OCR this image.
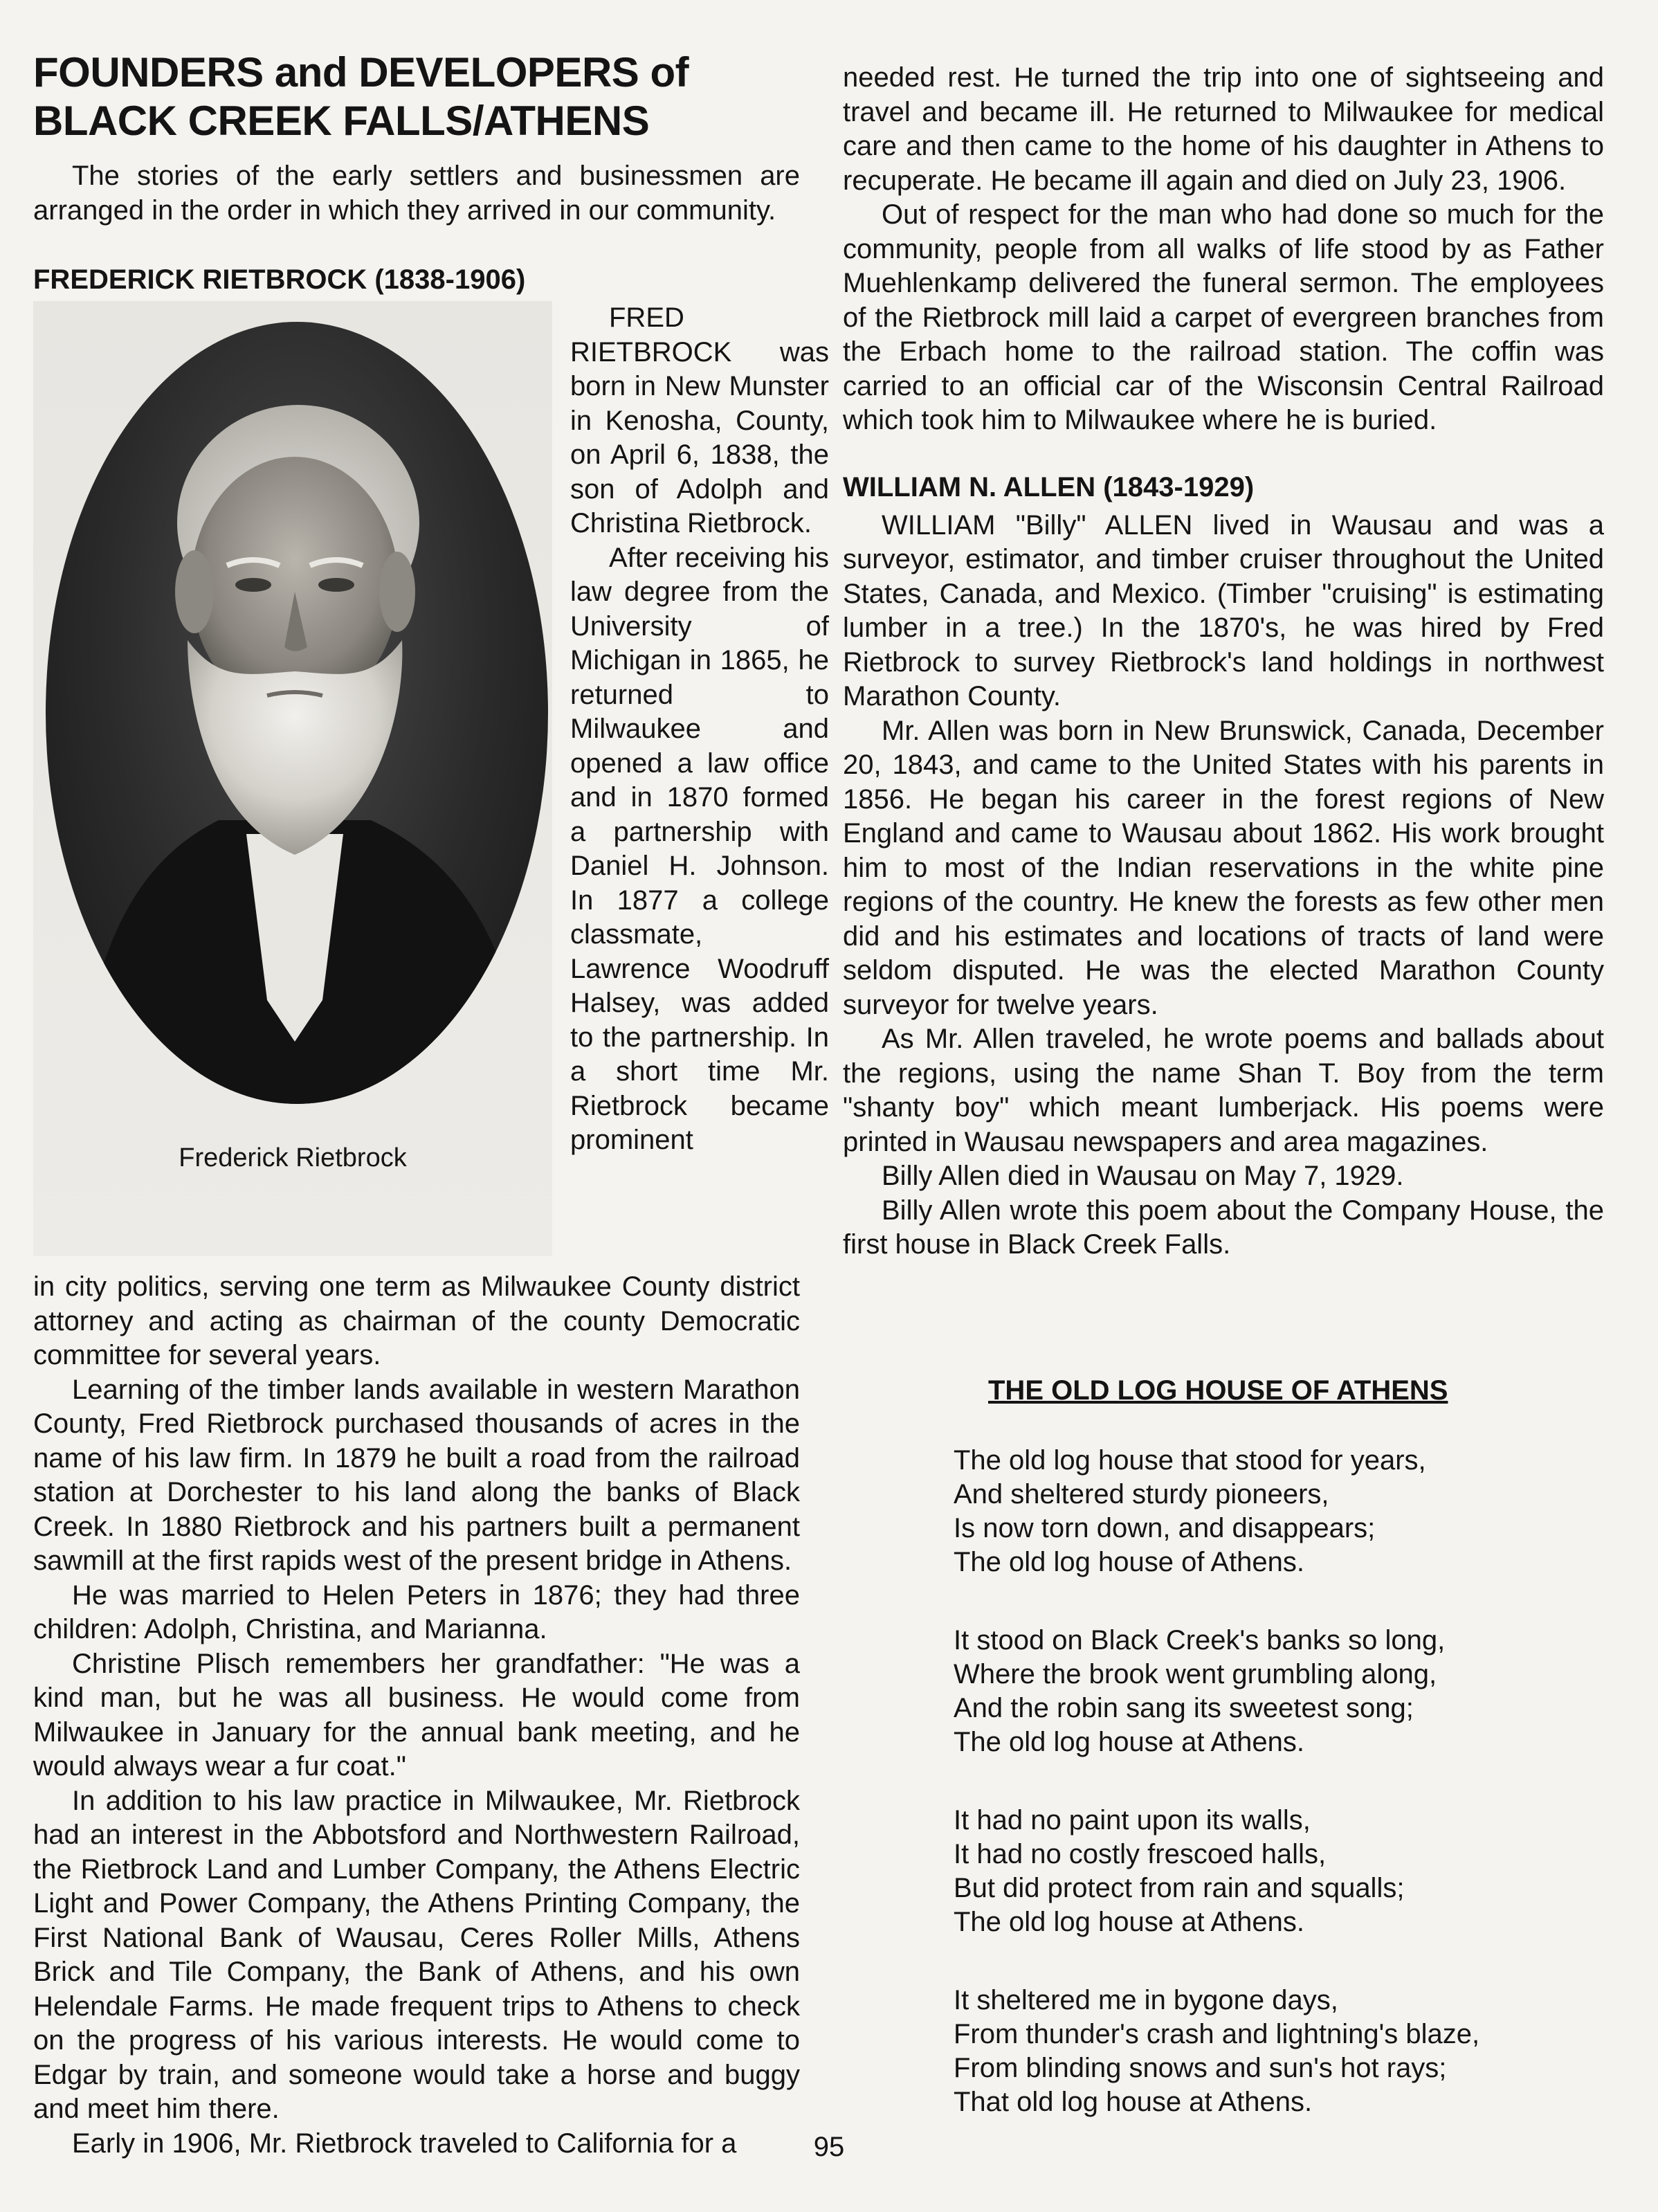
FOUNDERS and DEVELOPERS of
BLACK CREEK FALLS/ATHENS

The stories of the early settlers and businessmen are arranged in the order in which they arrived in our community.

FREDERICK RIETBROCK (1838-1906)
Frederick Rietbrock

FRED RIETBROCK was born in New Munster in Kenosha, County, on April 6, 1838, the son of Adolph and Christina Rietbrock.

After receiving his law degree from the University of Michigan in 1865, he returned to Milwaukee and opened a law office and in 1870 formed a partnership with Daniel H. Johnson. In 1877 a college classmate, Lawrence Woodruff Halsey, was added to the partnership. In a short time Mr. Rietbrock became prominent

in city politics, serving one term as Milwaukee County district attorney and acting as chairman of the county Democratic committee for several years.

Learning of the timber lands available in western Marathon County, Fred Rietbrock purchased thousands of acres in the name of his law firm. In 1879 he built a road from the railroad station at Dorchester to his land along the banks of Black Creek. In 1880 Rietbrock and his partners built a permanent sawmill at the first rapids west of the present bridge in Athens.

He was married to Helen Peters in 1876; they had three children: Adolph, Christina, and Marianna.

Christine Plisch remembers her grandfather: "He was a kind man, but he was all business. He would come from Milwaukee in January for the annual bank meeting, and he would always wear a fur coat."

In addition to his law practice in Milwaukee, Mr. Rietbrock had an interest in the Abbotsford and Northwestern Railroad, the Rietbrock Land and Lumber Company, the Athens Electric Light and Power Company, the Athens Printing Company, the First National Bank of Wausau, Ceres Roller Mills, Athens Brick and Tile Company, the Bank of Athens, and his own Helendale Farms. He made frequent trips to Athens to check on the progress of his various interests. He would come to Edgar by train, and someone would take a horse and buggy and meet him there.

Early in 1906, Mr. Rietbrock traveled to California for a

needed rest. He turned the trip into one of sightseeing and travel and became ill. He returned to Milwaukee for medical care and then came to the home of his daughter in Athens to recuperate. He became ill again and died on July 23, 1906.

Out of respect for the man who had done so much for the community, people from all walks of life stood by as Father Muehlenkamp delivered the funeral sermon. The employees of the Rietbrock mill laid a carpet of evergreen branches from the Erbach home to the railroad station. The coffin was carried to an official car of the Wisconsin Central Railroad which took him to Milwaukee where he is buried.

WILLIAM N. ALLEN (1843-1929)

WILLIAM "Billy" ALLEN lived in Wausau and was a surveyor, estimator, and timber cruiser throughout the United States, Canada, and Mexico. (Timber "cruising" is estimating lumber in a tree.) In the 1870's, he was hired by Fred Rietbrock to survey Rietbrock's land holdings in northwest Marathon County.

Mr. Allen was born in New Brunswick, Canada, December 20, 1843, and came to the United States with his parents in 1856. He began his career in the forest regions of New England and came to Wausau about 1862. His work brought him to most of the Indian reservations in the white pine regions of the country. He knew the forests as few other men did and his estimates and locations of tracts of land were seldom disputed. He was the elected Marathon County surveyor for twelve years.

As Mr. Allen traveled, he wrote poems and ballads about the regions, using the name Shan T. Boy from the term "shanty boy" which meant lumberjack. His poems were printed in Wausau newspapers and area magazines.

Billy Allen died in Wausau on May 7, 1929.

Billy Allen wrote this poem about the Company House, the first house in Black Creek Falls.

THE OLD LOG HOUSE OF ATHENS
The old log house that stood for years,
And sheltered sturdy pioneers,
Is now torn down, and disappears;
The old log house of Athens.
It stood on Black Creek's banks so long,
Where the brook went grumbling along,
And the robin sang its sweetest song;
The old log house at Athens.
It had no paint upon its walls,
It had no costly frescoed halls,
But did protect from rain and squalls;
The old log house at Athens.
It sheltered me in bygone days,
From thunder's crash and lightning's blaze,
From blinding snows and sun's hot rays;
That old log house at Athens.
95
